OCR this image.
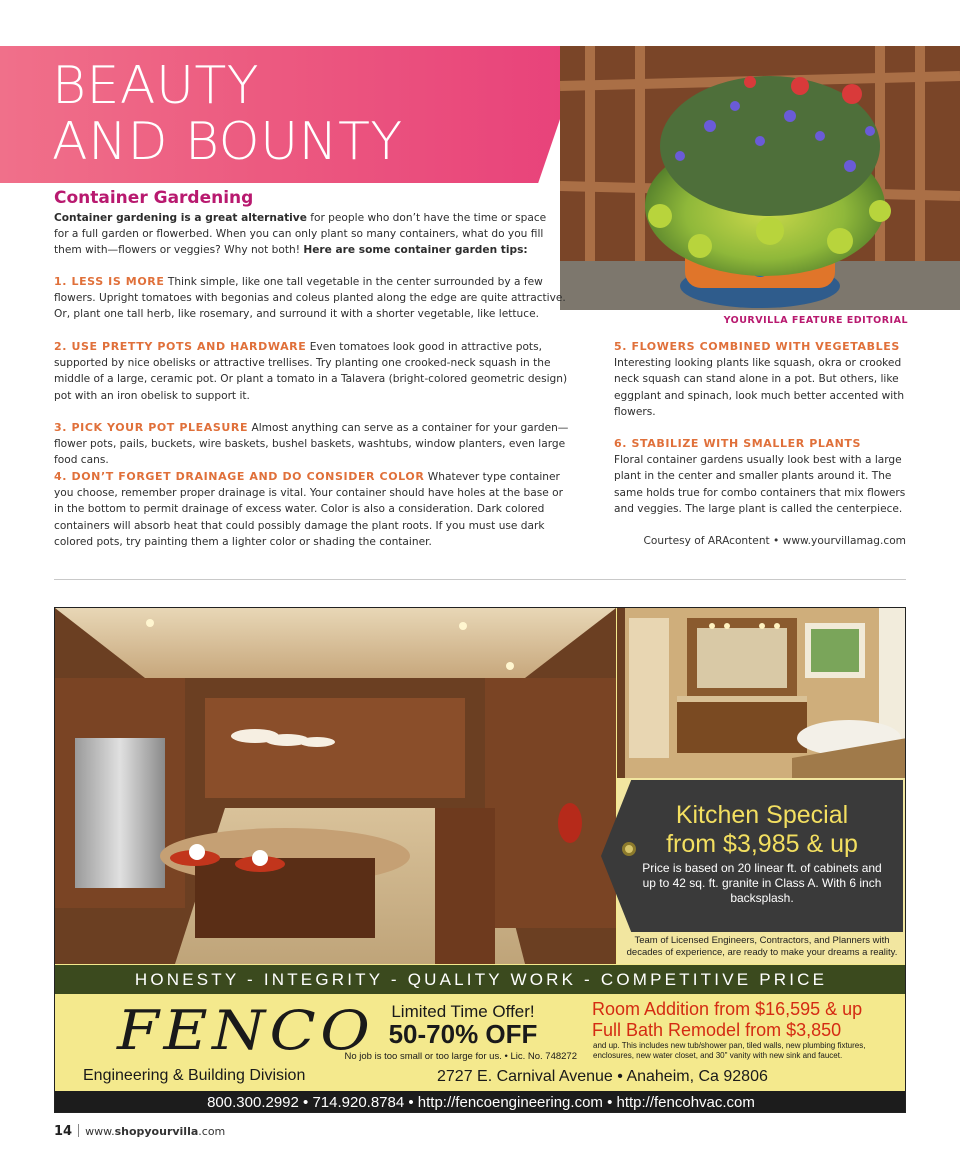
BEAUTY
AND BOUNTY
Container Gardening

Container gardening is a great alternative for people who don’t have the time or space for a full garden or flowerbed. When you can only plant so many containers, what do you fill them with—flowers or veggies? Why not both! Here are some container garden tips:

1. LESS IS MORE Think simple, like one tall vegetable in the center surrounded by a few flowers. Upright tomatoes with begonias and coleus planted along the edge are quite attractive. Or, plant one tall herb, like rosemary, and surround it with a shorter vegetable, like lettuce.

2. USE PRETTY POTS AND HARDWARE Even tomatoes look good in attractive pots, supported by nice obelisks or attractive trellises. Try planting one crooked-neck squash in the middle of a large, ceramic pot. Or plant a tomato in a Talavera (bright-colored geometric design) pot with an iron obelisk to support it.

3. PICK YOUR POT PLEASURE Almost anything can serve as a container for your garden—flower pots, pails, buckets, wire baskets, bushel baskets, washtubs, window planters, even large food cans.

4. DON’T FORGET DRAINAGE AND DO CONSIDER COLOR Whatever type container you choose, remember proper drainage is vital. Your container should have holes at the base or in the bottom to permit drainage of excess water. Color is also a consideration. Dark colored containers will absorb heat that could possibly damage the plant roots. If you must use dark colored pots, try painting them a lighter color or shading the container.

YOURVILLA FEATURE EDITORIAL
5. FLOWERS COMBINED WITH VEGETABLES
Interesting looking plants like squash, okra or crooked neck squash can stand alone in a pot. But others, like eggplant and spinach, look much better accented with flowers.
6. STABILIZE WITH SMALLER PLANTS
Floral container gardens usually look best with a large plant in the center and smaller plants around it. The same holds true for combo containers that mix flowers and veggies. The large plant is called the centerpiece.
Courtesy of ARAcontent • www.yourvillamag.com
Kitchen Special from $3,985 & up
Price is based on 20 linear ft. of cabinets and up to 42 sq. ft. granite in Class A. With 6 inch backsplash.
Team of Licensed Engineers, Contractors, and Planners with decades of experience, are ready to make your dreams a reality.
HONESTY - INTEGRITY - QUALITY WORK - COMPETITIVE PRICE
FENCO
Engineering & Building Division
Limited Time Offer!
50-70% OFF
No job is too small or too large for us. • Lic. No. 748272
Room Addition from $16,595 & up
Full Bath Remodel from $3,850
and up. This includes new tub/shower pan, tiled walls, new plumbing fixtures, enclosures, new water closet, and 30" vanity with new sink and faucet.
2727 E. Carnival Avenue • Anaheim, Ca 92806
800.300.2992 • 714.920.8784 • http://fencoengineering.com • http://fencohvac.com
14 www.shopyourvilla.com
